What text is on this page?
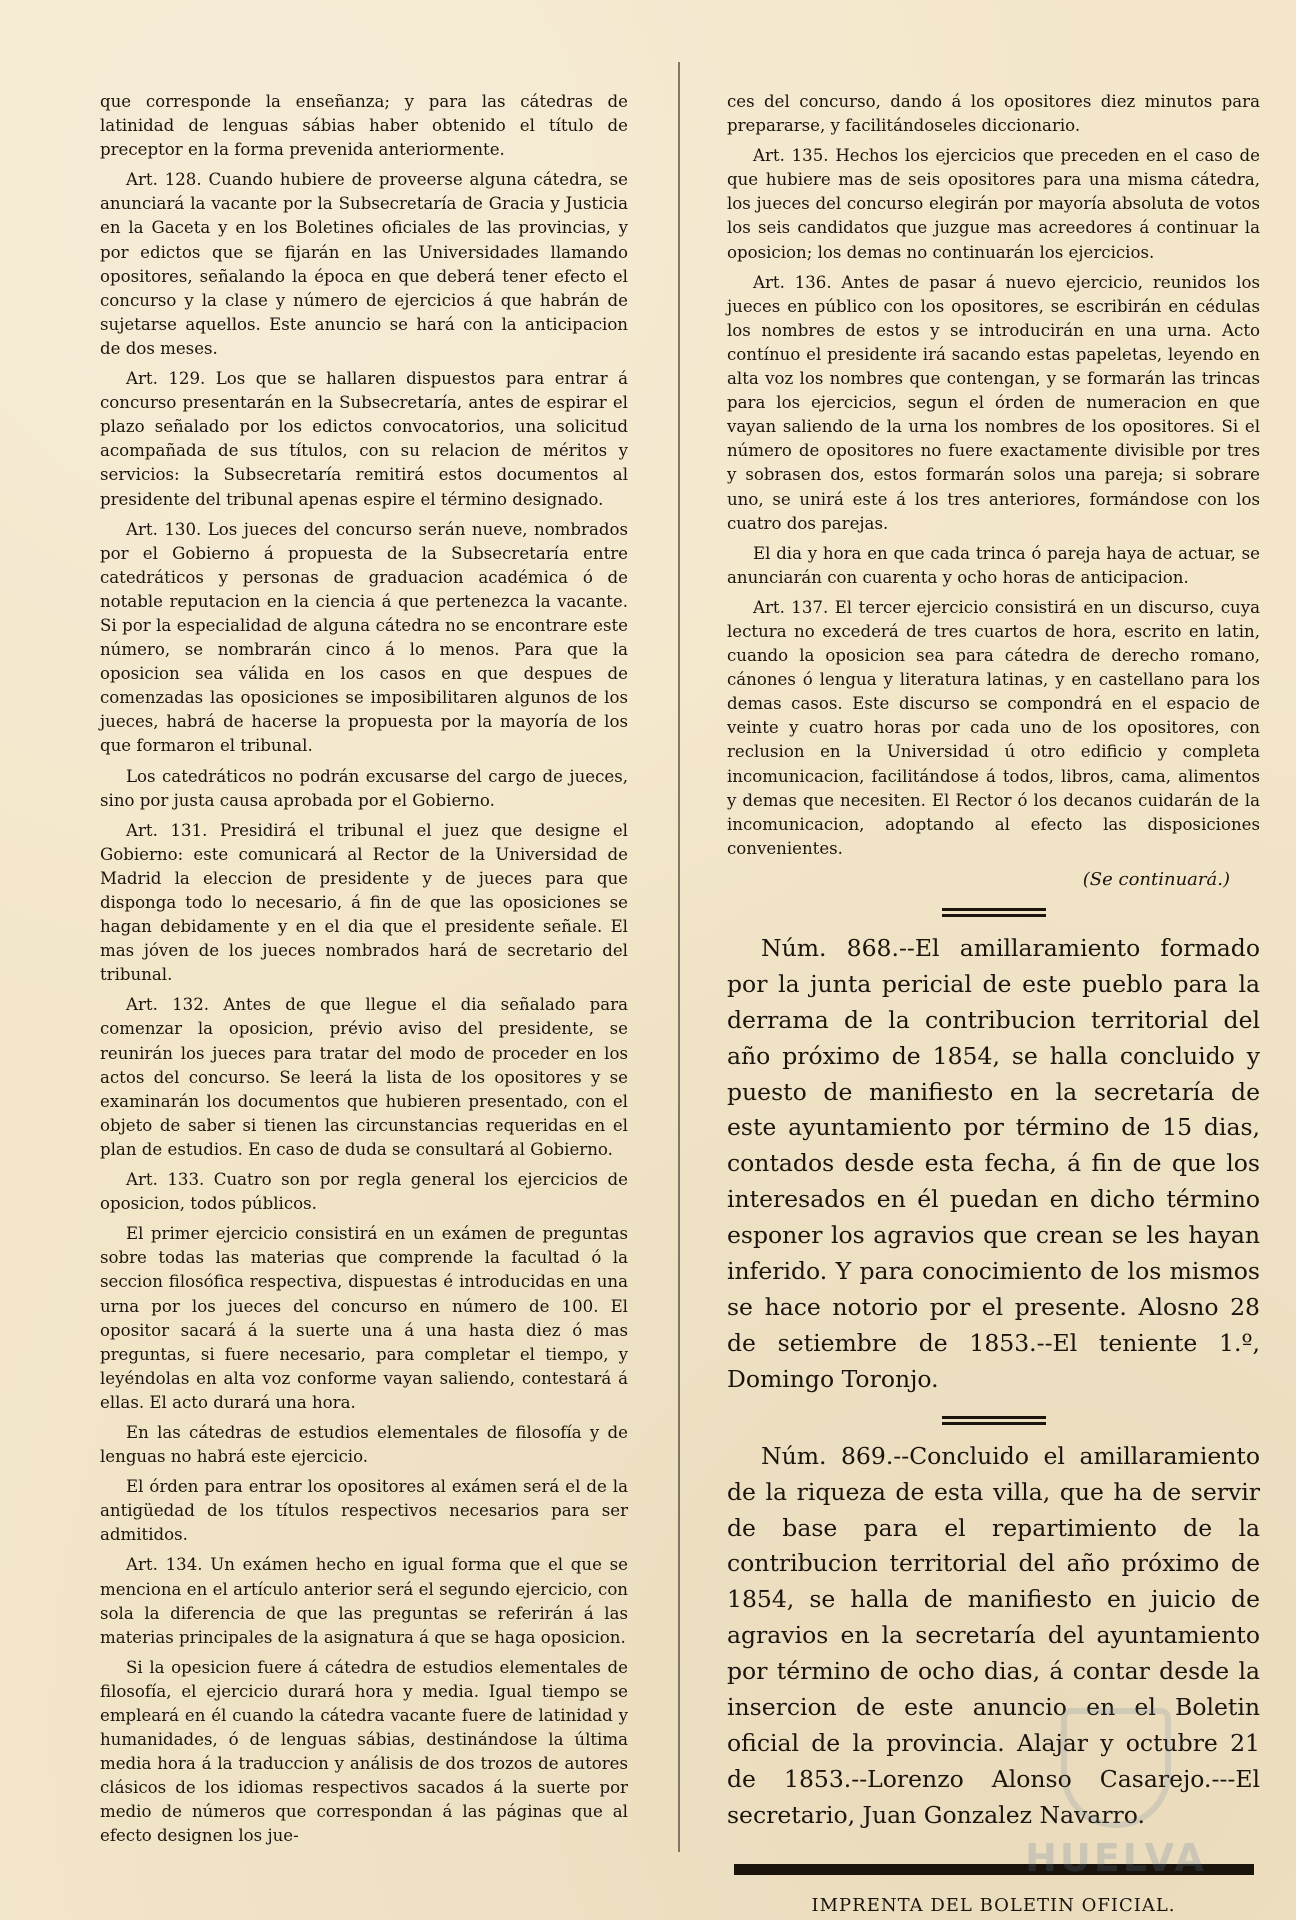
que corresponde la enseñanza; y para las cátedras de latinidad de lenguas sábias haber obtenido el título de preceptor en la forma prevenida anteriormente.

Art. 128. Cuando hubiere de proveerse alguna cátedra, se anunciará la vacante por la Subsecretaría de Gracia y Justicia en la Gaceta y en los Boletines oficiales de las provincias, y por edictos que se fijarán en las Universidades llamando opositores, señalando la época en que deberá tener efecto el concurso y la clase y número de ejercicios á que habrán de sujetarse aquellos. Este anuncio se hará con la anticipacion de dos meses.

Art. 129. Los que se hallaren dispuestos para entrar á concurso presentarán en la Subsecretaría, antes de espirar el plazo señalado por los edictos convocatorios, una solicitud acompañada de sus títulos, con su relacion de méritos y servicios: la Subsecretaría remitirá estos documentos al presidente del tribunal apenas espire el término designado.

Art. 130. Los jueces del concurso serán nueve, nombrados por el Gobierno á propuesta de la Subsecretaría entre catedráticos y personas de graduacion académica ó de notable reputacion en la ciencia á que pertenezca la vacante. Si por la especialidad de alguna cátedra no se encontrare este número, se nombrarán cinco á lo menos. Para que la oposicion sea válida en los casos en que despues de comenzadas las oposiciones se imposibilitaren algunos de los jueces, habrá de hacerse la propuesta por la mayoría de los que formaron el tribunal.

Los catedráticos no podrán excusarse del cargo de jueces, sino por justa causa aprobada por el Gobierno.

Art. 131. Presidirá el tribunal el juez que designe el Gobierno: este comunicará al Rector de la Universidad de Madrid la eleccion de presidente y de jueces para que disponga todo lo necesario, á fin de que las oposiciones se hagan debidamente y en el dia que el presidente señale. El mas jóven de los jueces nombrados hará de secretario del tribunal.

Art. 132. Antes de que llegue el dia señalado para comenzar la oposicion, prévio aviso del presidente, se reunirán los jueces para tratar del modo de proceder en los actos del concurso. Se leerá la lista de los opositores y se examinarán los documentos que hubieren presentado, con el objeto de saber si tienen las circunstancias requeridas en el plan de estudios. En caso de duda se consultará al Gobierno.

Art. 133. Cuatro son por regla general los ejercicios de oposicion, todos públicos.

El primer ejercicio consistirá en un exámen de preguntas sobre todas las materias que comprende la facultad ó la seccion filosófica respectiva, dispuestas é introducidas en una urna por los jueces del concurso en número de 100. El opositor sacará á la suerte una á una hasta diez ó mas preguntas, si fuere necesario, para completar el tiempo, y leyéndolas en alta voz conforme vayan saliendo, contestará á ellas. El acto durará una hora.

En las cátedras de estudios elementales de filosofía y de lenguas no habrá este ejercicio.

El órden para entrar los opositores al exámen será el de la antigüedad de los títulos respectivos necesarios para ser admitidos.

Art. 134. Un exámen hecho en igual forma que el que se menciona en el artículo anterior será el segundo ejercicio, con sola la diferencia de que las preguntas se referirán á las materias principales de la asignatura á que se haga oposicion.

Si la opesicion fuere á cátedra de estudios elementales de filosofía, el ejercicio durará hora y media. Igual tiempo se empleará en él cuando la cátedra vacante fuere de latinidad y humanidades, ó de lenguas sábias, destinándose la última media hora á la traduccion y análisis de dos trozos de autores clásicos de los idiomas respectivos sacados á la suerte por medio de números que correspondan á las páginas que al efecto designen los jue-

ces del concurso, dando á los opositores diez minutos para prepararse, y facilitándoseles diccionario.

Art. 135. Hechos los ejercicios que preceden en el caso de que hubiere mas de seis opositores para una misma cátedra, los jueces del concurso elegirán por mayoría absoluta de votos los seis candidatos que juzgue mas acreedores á continuar la oposicion; los demas no continuarán los ejercicios.

Art. 136. Antes de pasar á nuevo ejercicio, reunidos los jueces en público con los opositores, se escribirán en cédulas los nombres de estos y se introducirán en una urna. Acto contínuo el presidente irá sacando estas papeletas, leyendo en alta voz los nombres que contengan, y se formarán las trincas para los ejercicios, segun el órden de numeracion en que vayan saliendo de la urna los nombres de los opositores. Si el número de opositores no fuere exactamente divisible por tres y sobrasen dos, estos formarán solos una pareja; si sobrare uno, se unirá este á los tres anteriores, formándose con los cuatro dos parejas.

El dia y hora en que cada trinca ó pareja haya de actuar, se anunciarán con cuarenta y ocho horas de anticipacion.

Art. 137. El tercer ejercicio consistirá en un discurso, cuya lectura no excederá de tres cuartos de hora, escrito en latin, cuando la oposicion sea para cátedra de derecho romano, cánones ó lengua y literatura latinas, y en castellano para los demas casos. Este discurso se compondrá en el espacio de veinte y cuatro horas por cada uno de los opositores, con reclusion en la Universidad ú otro edificio y completa incomunicacion, facilitándose á todos, libros, cama, alimentos y demas que necesiten. El Rector ó los decanos cuidarán de la incomunicacion, adoptando al efecto las disposiciones convenientes.

(Se continuará.)

Núm. 868.--El amillaramiento formado por la junta pericial de este pueblo para la derrama de la contribucion territorial del año próximo de 1854, se halla concluido y puesto de manifiesto en la secretaría de este ayuntamiento por término de 15 dias, contados desde esta fecha, á fin de que los interesados en él puedan en dicho término esponer los agravios que crean se les hayan inferido. Y para conocimiento de los mismos se hace notorio por el presente. Alosno 28 de setiembre de 1853.--El teniente 1.º, Domingo Toronjo.

Núm. 869.--Concluido el amillaramiento de la riqueza de esta villa, que ha de servir de base para el repartimiento de la contribucion territorial del año próximo de 1854, se halla de manifiesto en juicio de agravios en la secretaría del ayuntamiento por término de ocho dias, á contar desde la insercion de este anuncio en el Boletin oficial de la provincia. Alajar y octubre 21 de 1853.--Lorenzo Alonso Casarejo.---El secretario, Juan Gonzalez Navarro.

IMPRENTA DEL BOLETIN OFICIAL.
HUELVA
